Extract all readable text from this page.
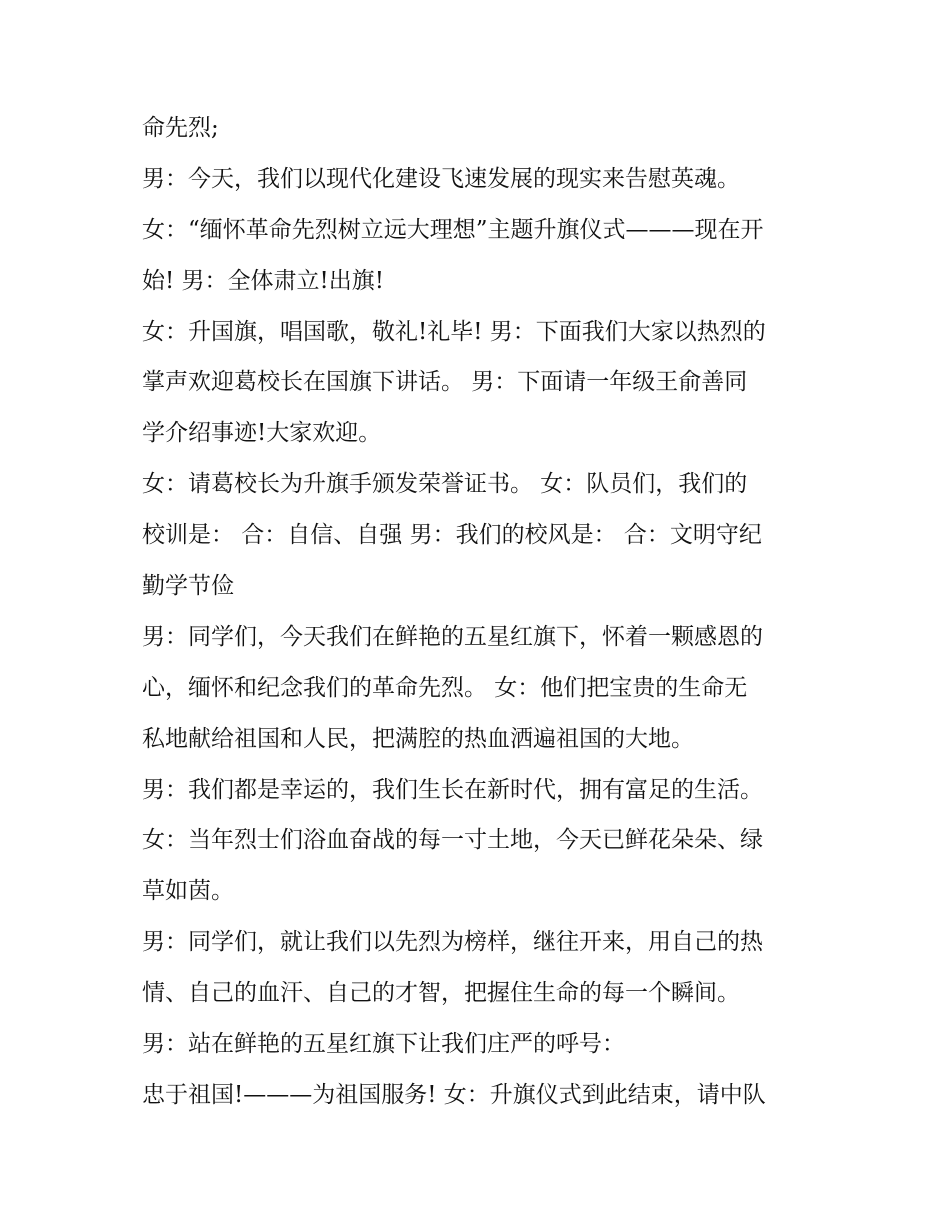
命先烈;
男：今天，我们以现代化建设飞速发展的现实来告慰英魂。
女：“缅怀革命先烈树立远大理想”主题升旗仪式———现在开
始! 男：全体肃立!出旗!
女：升国旗，唱国歌，敬礼!礼毕! 男：下面我们大家以热烈的
掌声欢迎葛校长在国旗下讲话。 男：下面请一年级王俞善同
学介绍事迹!大家欢迎。
女：请葛校长为升旗手颁发荣誉证书。 女：队员们，我们的
校训是： 合：自信、自强 男：我们的校风是： 合：文明守纪
勤学节俭
男：同学们，今天我们在鲜艳的五星红旗下，怀着一颗感恩的
心，缅怀和纪念我们的革命先烈。 女：他们把宝贵的生命无
私地献给祖国和人民，把满腔的热血洒遍祖国的大地。
男：我们都是幸运的，我们生长在新时代，拥有富足的生活。
女：当年烈士们浴血奋战的每一寸土地，今天已鲜花朵朵、绿
草如茵。
男：同学们，就让我们以先烈为榜样，继往开来，用自己的热
情、自己的血汗、自己的才智，把握住生命的每一个瞬间。
男：站在鲜艳的五星红旗下让我们庄严的呼号：
忠于祖国!———为祖国服务! 女：升旗仪式到此结束，请中队
